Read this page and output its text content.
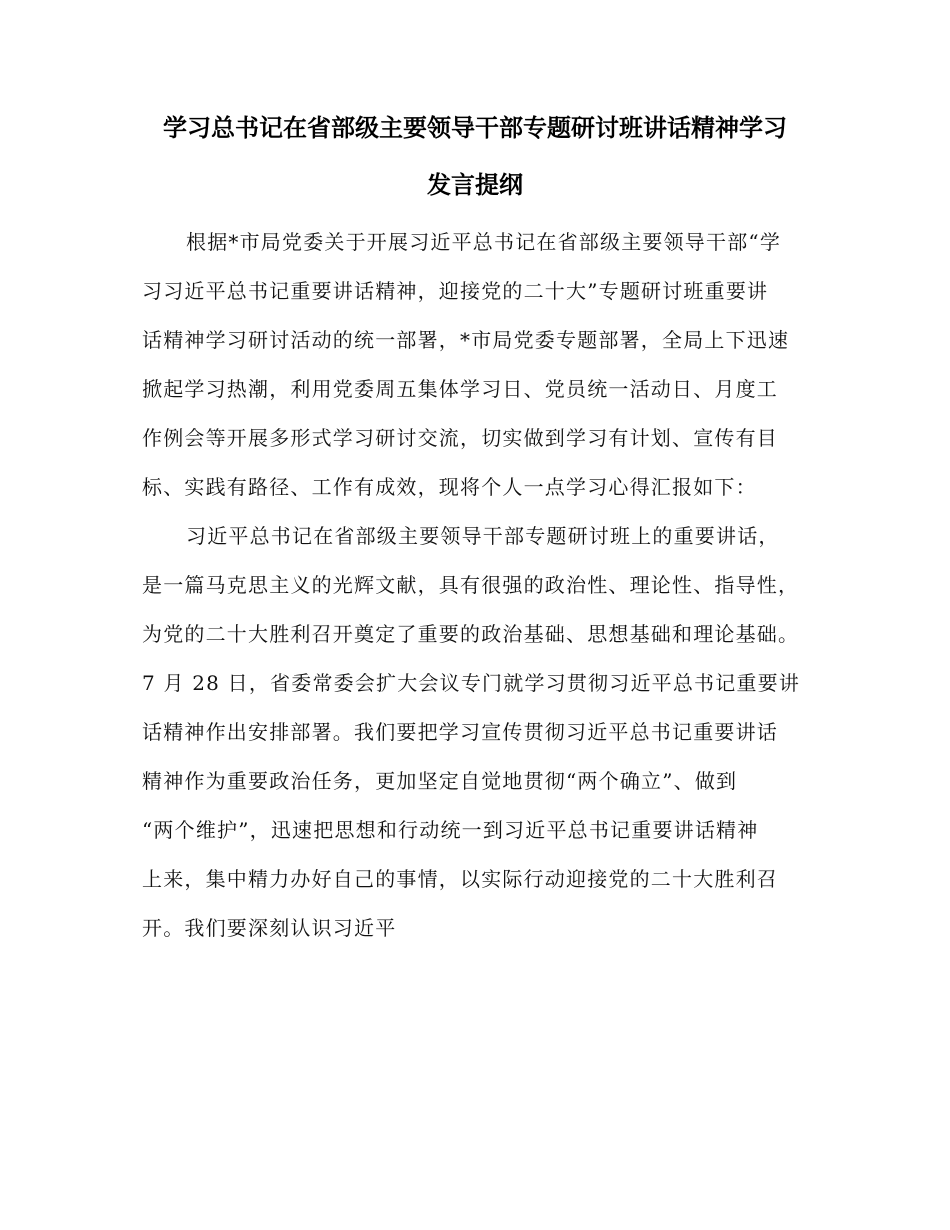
学习总书记在省部级主要领导干部专题研讨班讲话精神学习
发言提纲
根据*市局党委关于开展习近平总书记在省部级主要领导干部“学
习习近平总书记重要讲话精神，迎接党的二十大”专题研讨班重要讲
话精神学习研讨活动的统一部署，*市局党委专题部署，全局上下迅速
掀起学习热潮，利用党委周五集体学习日、党员统一活动日、月度工
作例会等开展多形式学习研讨交流，切实做到学习有计划、宣传有目
标、实践有路径、工作有成效，现将个人一点学习心得汇报如下：
习近平总书记在省部级主要领导干部专题研讨班上的重要讲话，
是一篇马克思主义的光辉文献，具有很强的政治性、理论性、指导性，
为党的二十大胜利召开奠定了重要的政治基础、思想基础和理论基础。
7 月 28 日，省委常委会扩大会议专门就学习贯彻习近平总书记重要讲
话精神作出安排部署。我们要把学习宣传贯彻习近平总书记重要讲话
精神作为重要政治任务，更加坚定自觉地贯彻“两个确立”、做到
“两个维护”，迅速把思想和行动统一到习近平总书记重要讲话精神
上来，集中精力办好自己的事情，以实际行动迎接党的二十大胜利召
开。我们要深刻认识习近平
